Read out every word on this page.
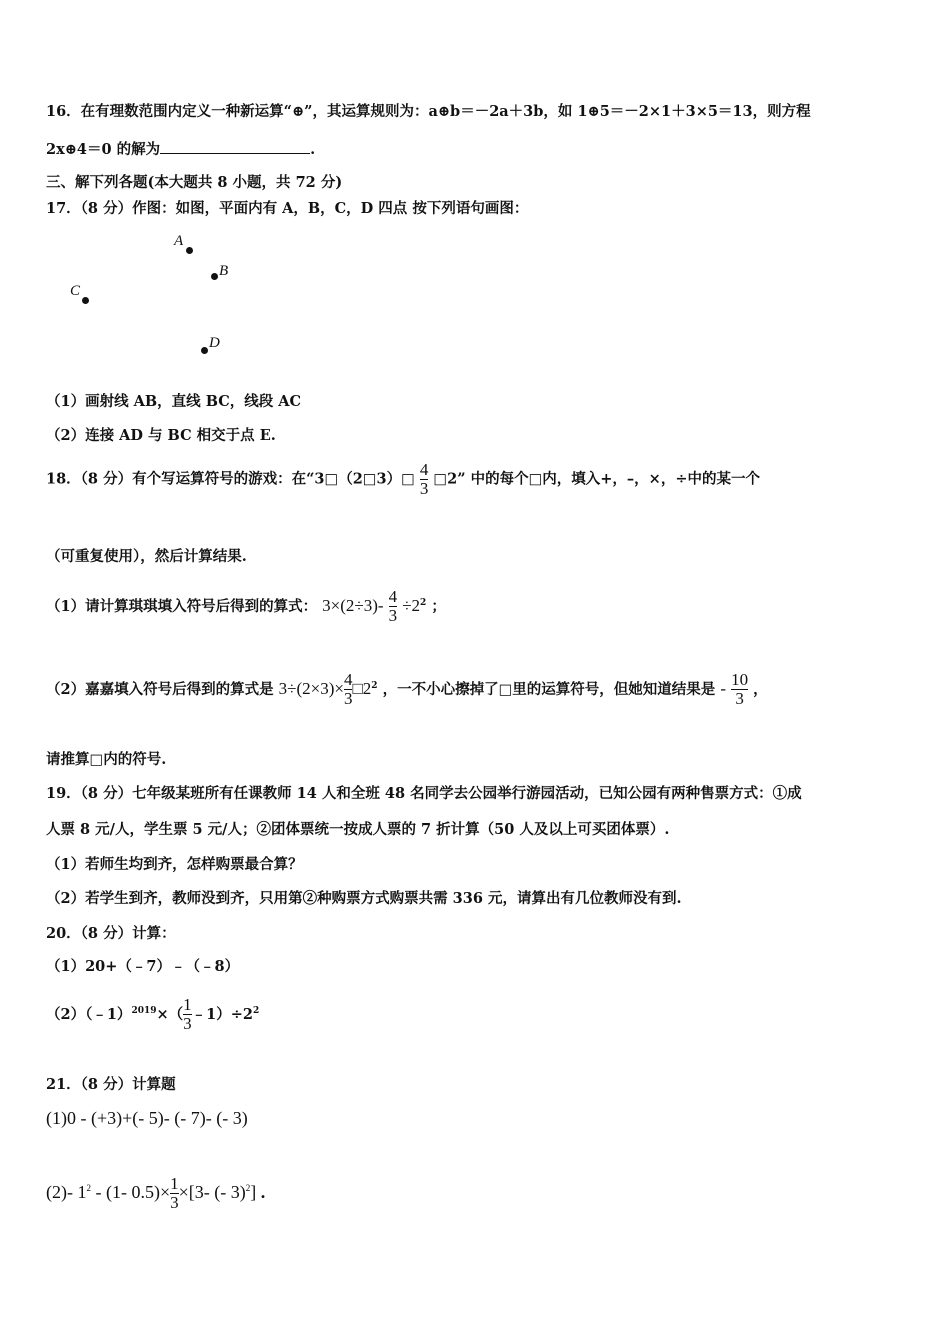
16．在有理数范围内定义一种新运算“⊕”，其运算规则为：a⊕b＝－2a＋3b，如 1⊕5＝－2×1＋3×5＝13，则方程
2x⊕4＝0 的解为	.
三、解下列各题(本大题共 8 小题，共 72 分)
17．（8 分）作图：如图，平面内有 A，B，C，D 四点 按下列语句画图：
A
B
C
D
（1）画射线 AB，直线 BC，线段 AC
（2）连接 AD 与 BC 相交于点 E.
18．（8 分）有个写运算符号的游戏：在“3□（2□3）□ $\frac{4}{3}$ □2” 中的每个□内，填入+，–，×，÷中的某一个
（可重复使用），然后计算结果.
（1）请计算琪琪填入符号后得到的算式： $3\times(2\div 3)- \frac{4}{3} \div 2^2$ ；
（2）嘉嘉填入符号后得到的算式是 $3\div(2\times 3)\times \frac{4}{3}$ $□2^2$ ，一不小心擦掉了□里的运算符号，但她知道结果是 - $\frac{10}{3}$ ，
请推算□内的符号.
19．（8 分）七年级某班所有任课教师 14 人和全班 48 名同学去公园举行游园活动，已知公园有两种售票方式：①成
人票 8 元/人，学生票 5 元/人；②团体票统一按成人票的 7 折计算（50 人及以上可买团体票）.
（1）若师生均到齐，怎样购票最合算？
（2）若学生到齐，教师没到齐，只用第②种购票方式购票共需 336 元，请算出有几位教师没有到.
20．（8 分）计算：
（1）20+（﹣7）﹣（﹣8）
（2）（﹣1）$^{2019}$×（ $\frac{1}{3}$ $﹣1)\div 2^2$
21．（8 分）计算题
(1)0 - (+3)+(- 5)- (- 7)- (- 3)
(2)- $1^2 - (1-$ $0.5)\times \frac{1}{3} \times[3-$ (- 3)$^2$] .
